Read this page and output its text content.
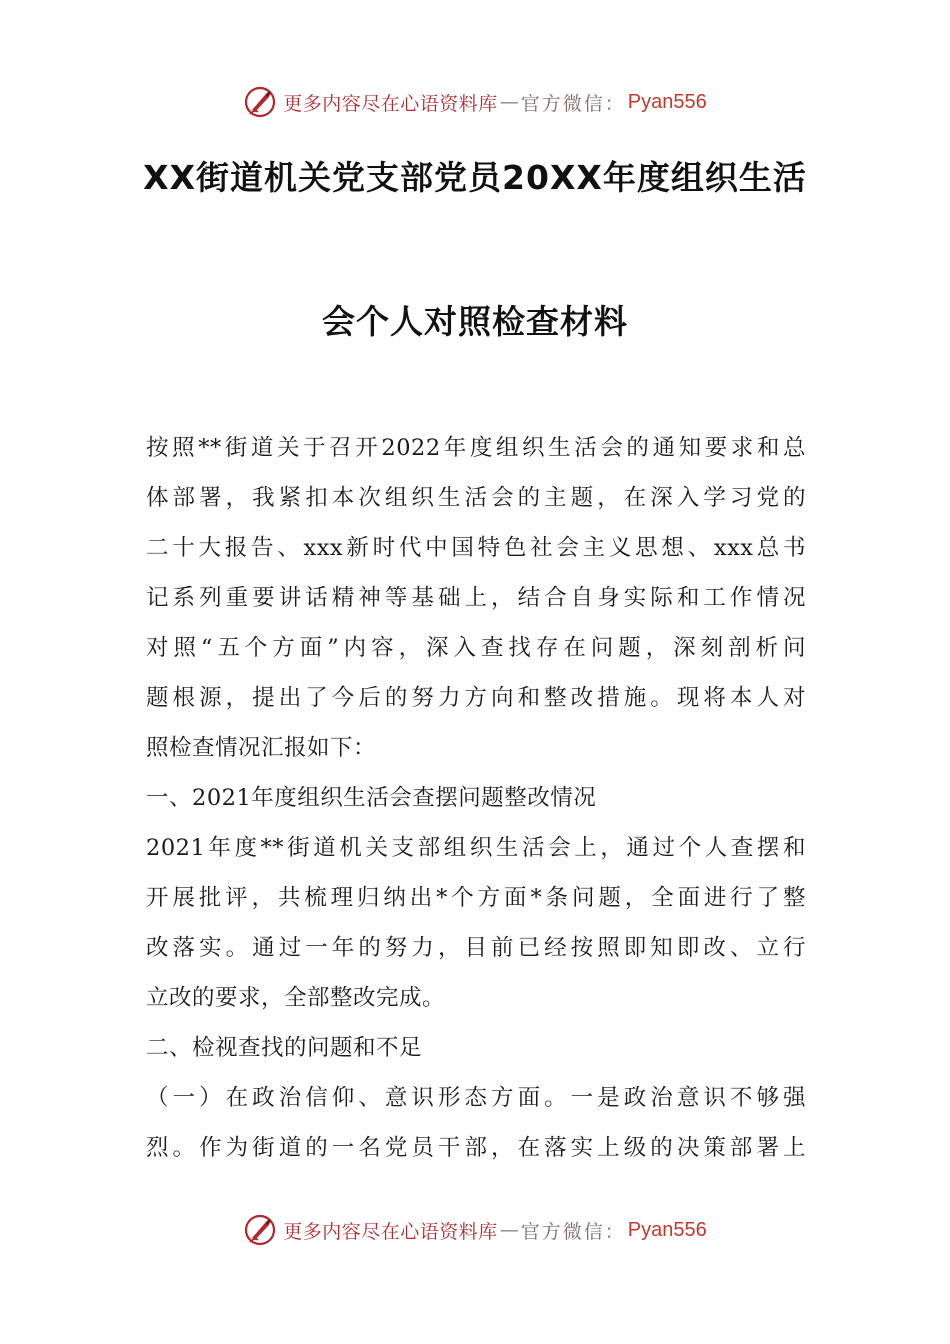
更多内容尽在心语资料库 — 官方微信： Pyan556
XX街道机关党支部党员20XX年度组织生活
会个人对照检查材料
按照**街道关于召开2022年度组织生活会的通知要求和总
体部署，我紧扣本次组织生活会的主题，在深入学习党的
二十大报告、xxx新时代中国特色社会主义思想、xxx总书
记系列重要讲话精神等基础上，结合自身实际和工作情况
对照“五个方面”内容，深入查找存在问题，深刻剖析问
题根源，提出了今后的努力方向和整改措施。现将本人对
照检查情况汇报如下：
一、2021年度组织生活会查摆问题整改情况
2021年度**街道机关支部组织生活会上，通过个人查摆和
开展批评，共梳理归纳出*个方面*条问题，全面进行了整
改落实。通过一年的努力，目前已经按照即知即改、立行
立改的要求，全部整改完成。
二、检视查找的问题和不足
（一）在政治信仰、意识形态方面。一是政治意识不够强
烈。作为街道的一名党员干部，在落实上级的决策部署上
更多内容尽在心语资料库 — 官方微信： Pyan556
